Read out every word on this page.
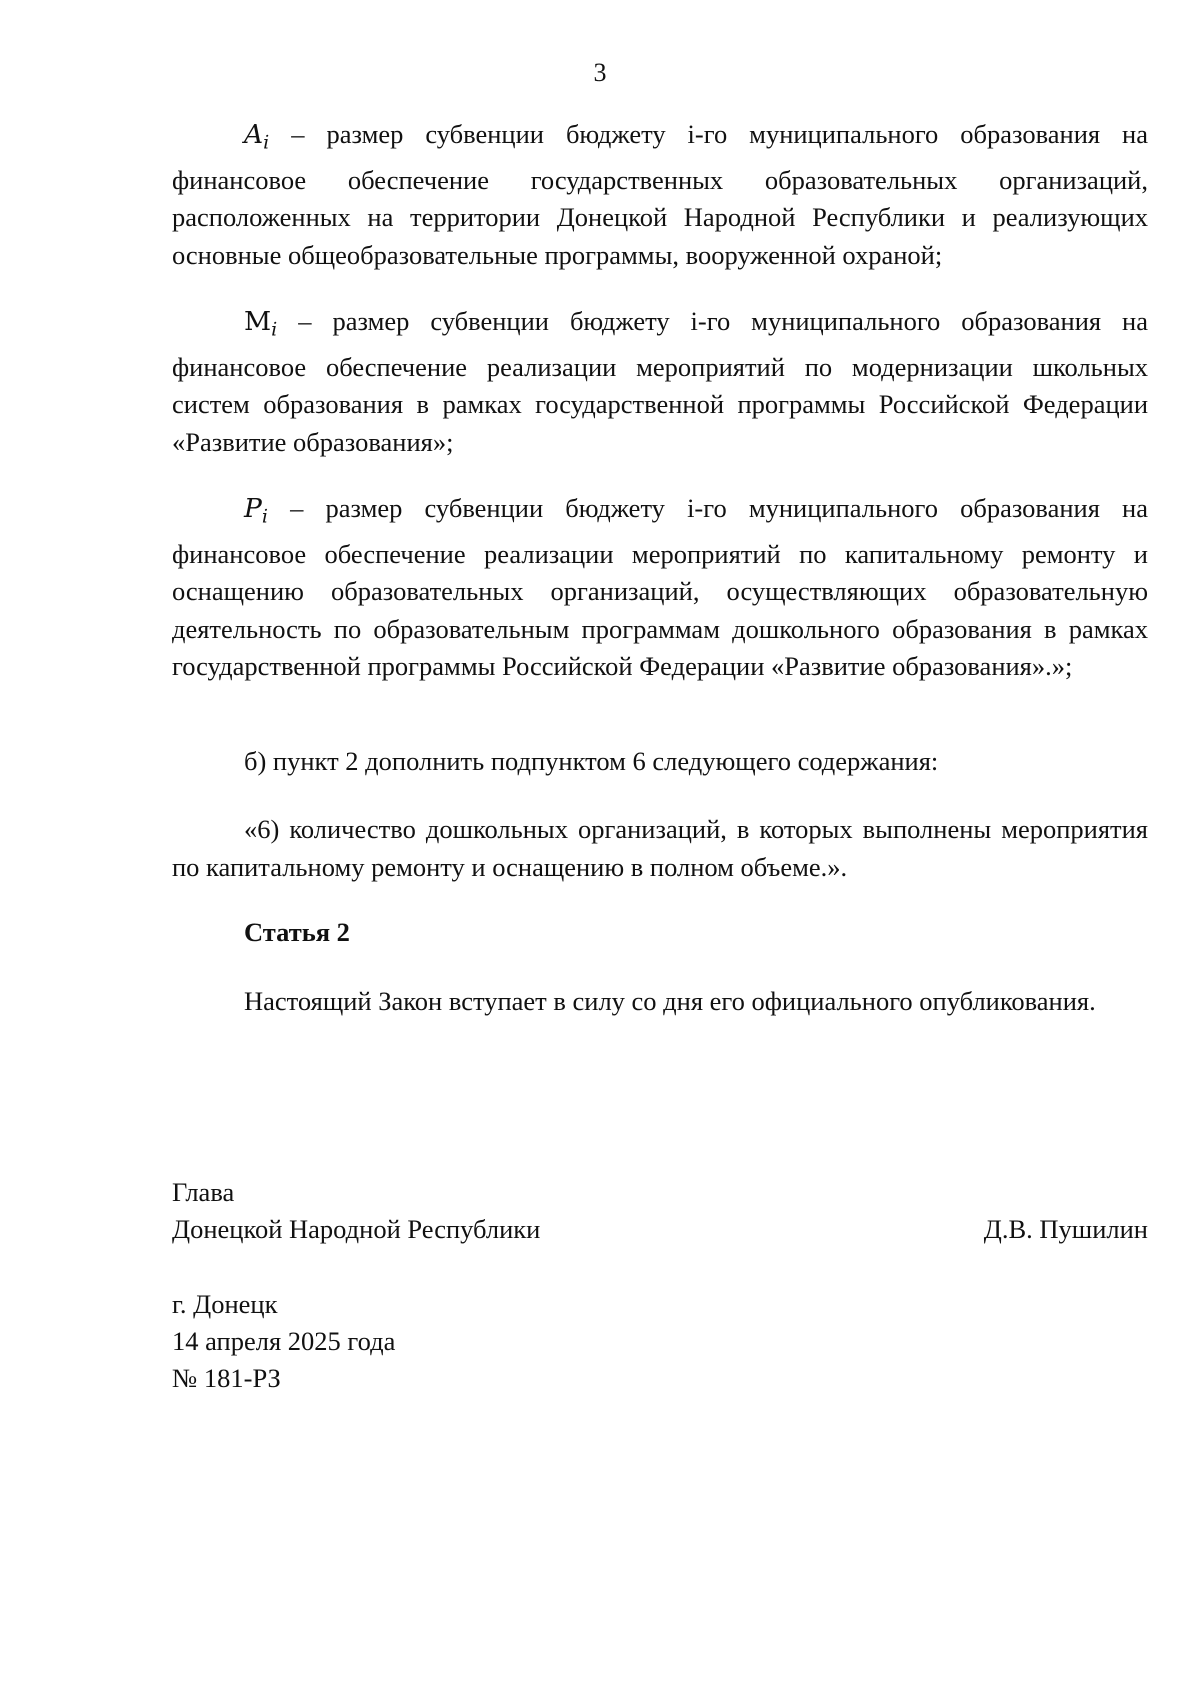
3

$A_i$ – размер субвенции бюджету i-го муниципального образования на финансовое обеспечение государственных образовательных организаций, расположенных на территории Донецкой Народной Республики и реализующих основные общеобразовательные программы, вооруженной охраной;

$М_i$ – размер субвенции бюджету i-го муниципального образования на финансовое обеспечение реализации мероприятий по модернизации школьных систем образования в рамках государственной программы Российской Федерации «Развитие образования»;

$P_i$ – размер субвенции бюджету i-го муниципального образования на финансовое обеспечение реализации мероприятий по капитальному ремонту и оснащению образовательных организаций, осуществляющих образовательную деятельность по образовательным программам дошкольного образования в рамках государственной программы Российской Федерации «Развитие образования».»;

б) пункт 2 дополнить подпунктом 6 следующего содержания:

«6) количество дошкольных организаций, в которых выполнены мероприятия по капитальному ремонту и оснащению в полном объеме.».

Статья 2

Настоящий Закон вступает в силу со дня его официального опубликования.

Глава

Донецкой Народной Республики	Д.В. Пушилин

г. Донецк

14 апреля 2025 года

№ 181-РЗ
